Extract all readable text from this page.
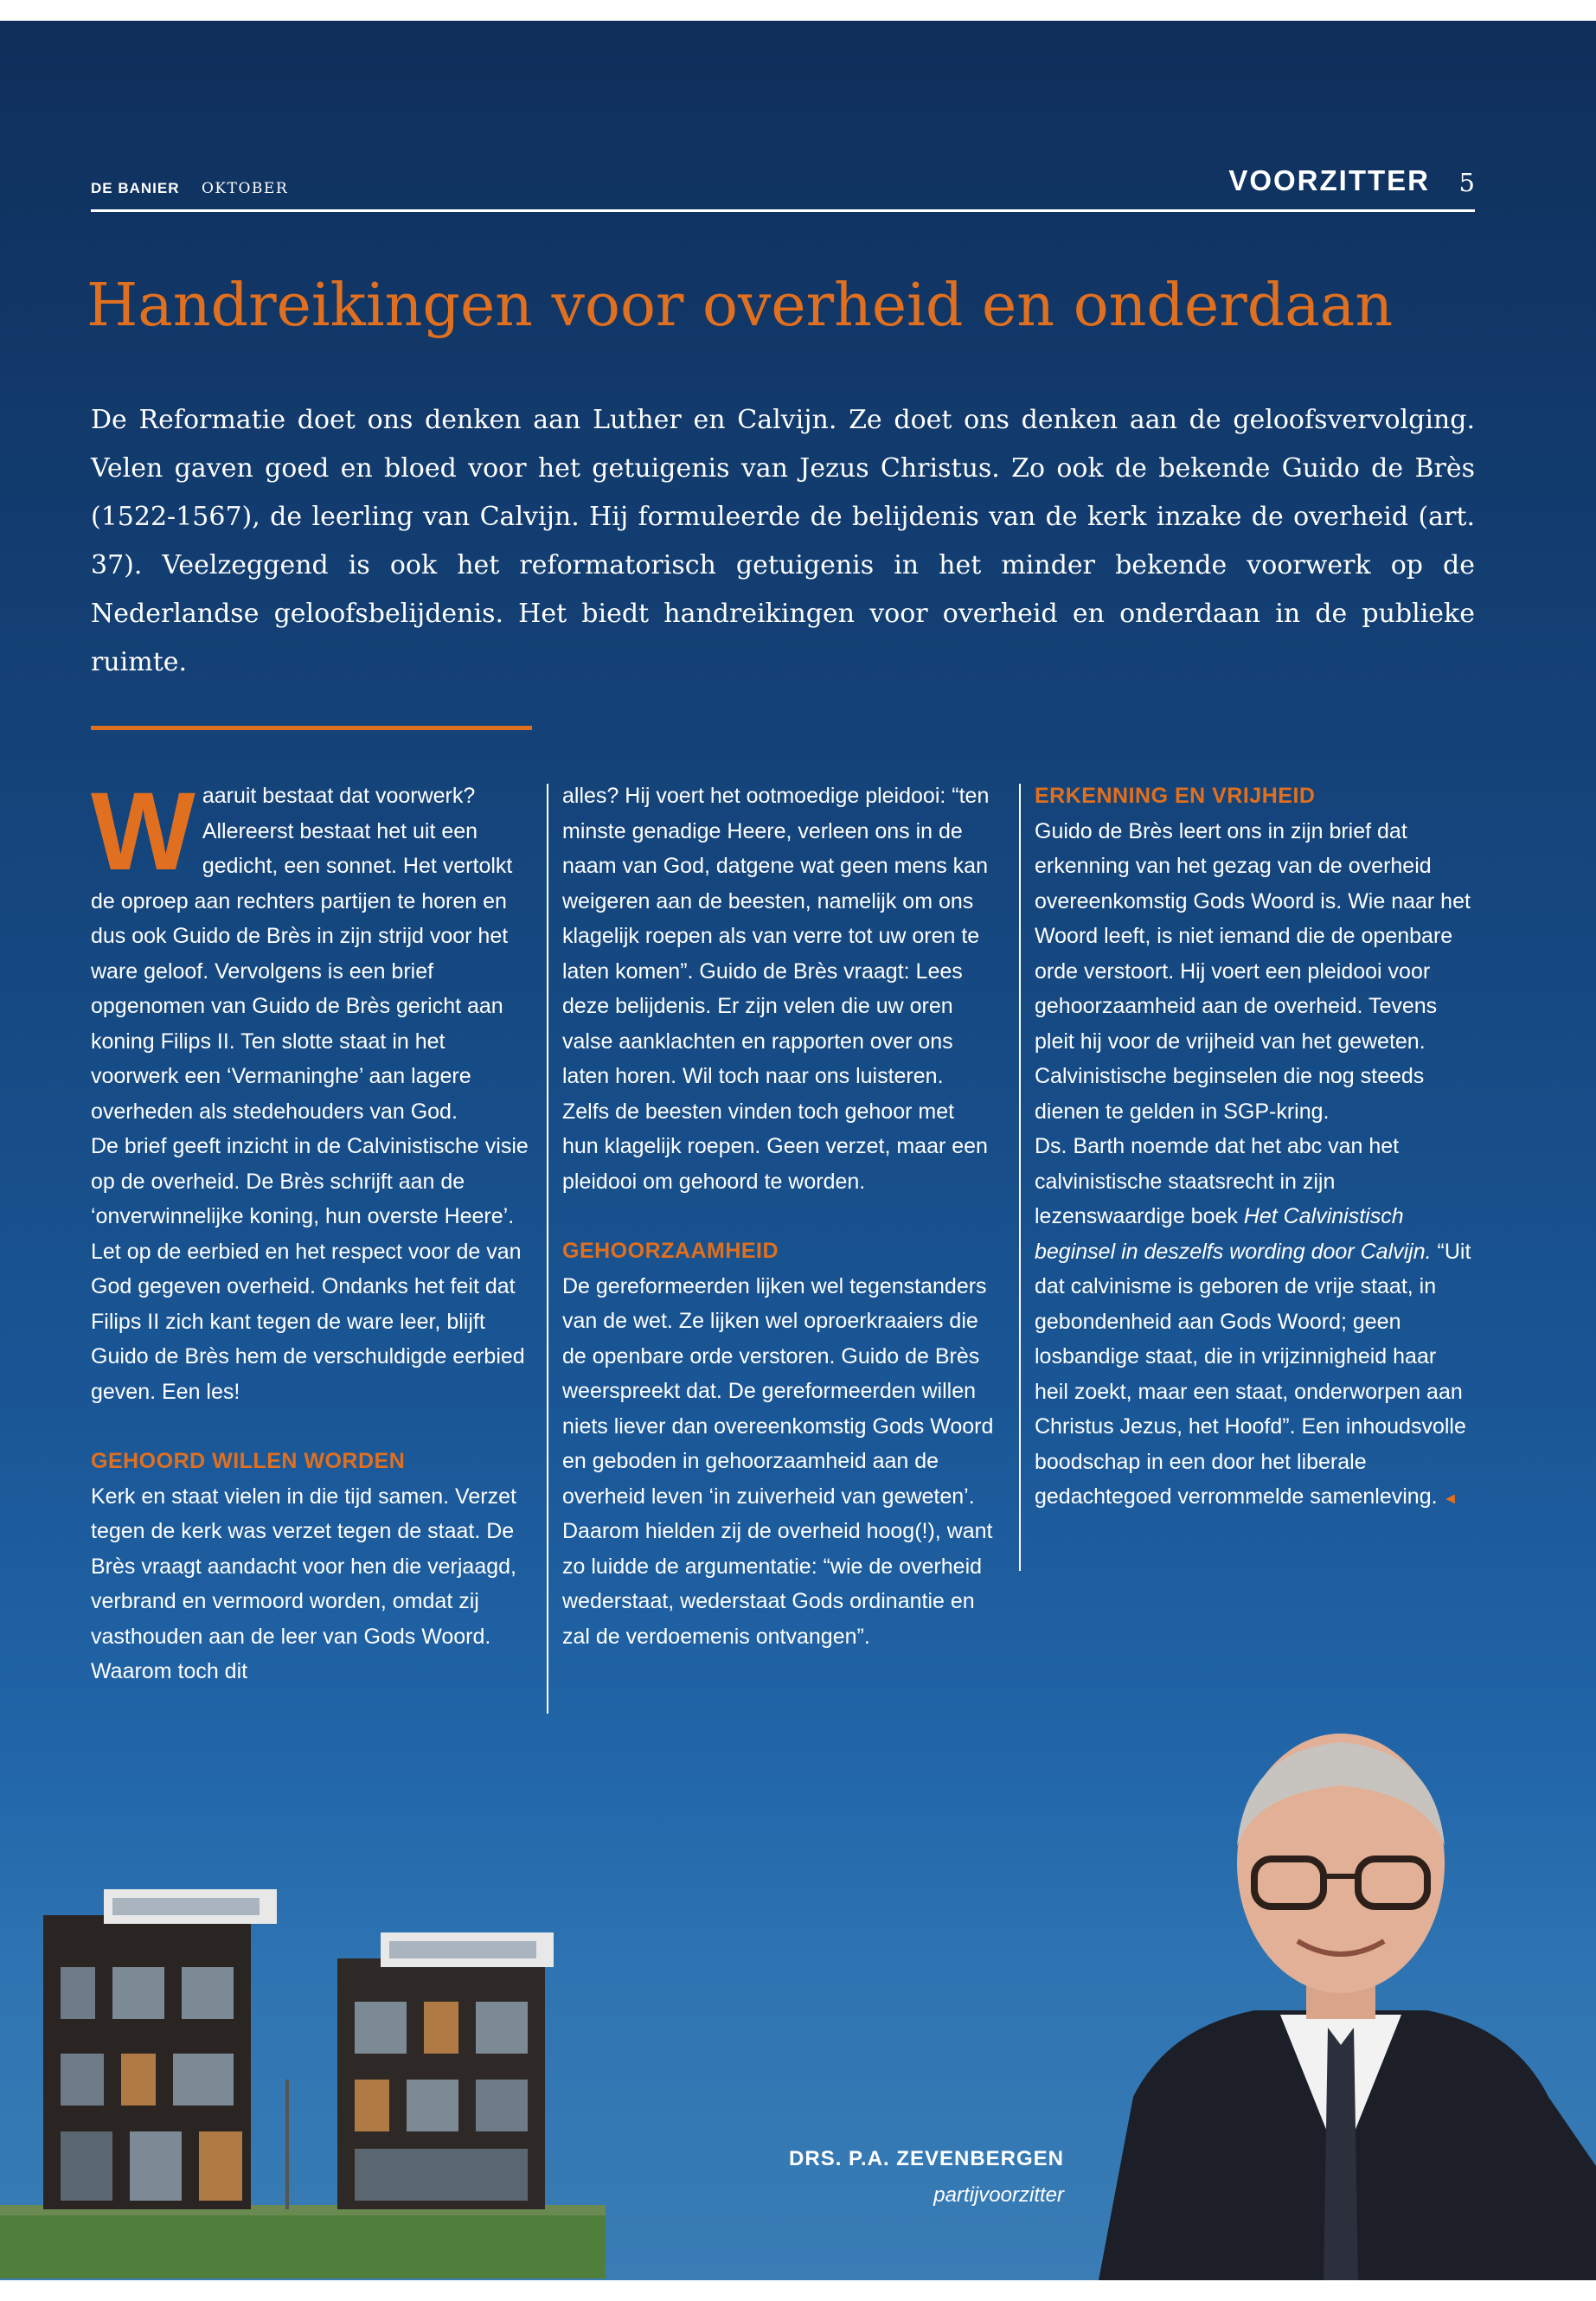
DE BANIER OKTOBER	VOORZITTER 5
Handreikingen voor overheid en onderdaan

De Reformatie doet ons denken aan Luther en Calvijn. Ze doet ons denken aan de geloofsvervolging. Velen gaven goed en bloed voor het getuigenis van Jezus Christus. Zo ook de bekende Guido de Brès (1522-1567), de leerling van Calvijn. Hij formuleerde de belijdenis van de kerk inzake de overheid (art. 37). Veelzeggend is ook het reformatorisch getuigenis in het minder bekende voorwerk op de Nederlandse geloofsbelijdenis. Het biedt handreikingen voor overheid en onderdaan in de publieke ruimte.

W aaruit bestaat dat voorwerk? Allereerst bestaat het uit een gedicht, een sonnet. Het vertolkt de oproep aan rechters partijen te horen en dus ook Guido de Brès in zijn strijd voor het ware geloof. Vervolgens is een brief opgenomen van Guido de Brès gericht aan koning Filips II. Ten slotte staat in het voorwerk een ‘Vermaninghe’ aan lagere overheden als stedehouders van God.

De brief geeft inzicht in de Calvinistische visie op de overheid. De Brès schrijft aan de ‘onverwinnelijke koning, hun overste Heere’. Let op de eerbied en het respect voor de van God gegeven overheid. Ondanks het feit dat Filips II zich kant tegen de ware leer, blijft Guido de Brès hem de verschuldigde eerbied geven. Een les!

GEHOORD WILLEN WORDEN

Kerk en staat vielen in die tijd samen. Verzet tegen de kerk was verzet tegen de staat. De Brès vraagt aandacht voor hen die verjaagd, verbrand en vermoord worden, omdat zij vasthouden aan de leer van Gods Woord. Waarom toch dit

alles? Hij voert het ootmoedige pleidooi: “ten minste genadige Heere, verleen ons in de naam van God, datgene wat geen mens kan weigeren aan de beesten, namelijk om ons klagelijk roepen als van verre tot uw oren te laten komen”. Guido de Brès vraagt: Lees deze belijdenis. Er zijn velen die uw oren valse aanklachten en rapporten over ons laten horen. Wil toch naar ons luisteren. Zelfs de beesten vinden toch gehoor met hun klagelijk roepen. Geen verzet, maar een pleidooi om gehoord te worden.

GEHOORZAAMHEID

De gereformeerden lijken wel tegenstanders van de wet. Ze lijken wel oproerkraaiers die de openbare orde verstoren. Guido de Brès weerspreekt dat. De gereformeerden willen niets liever dan overeenkomstig Gods Woord en geboden in gehoorzaamheid aan de overheid leven ‘in zuiverheid van geweten’. Daarom hielden zij de overheid hoog(!), want zo luidde de argumentatie: “wie de overheid wederstaat, wederstaat Gods ordinantie en zal de verdoemenis ontvangen”.

ERKENNING EN VRIJHEID

Guido de Brès leert ons in zijn brief dat erkenning van het gezag van de overheid overeenkomstig Gods Woord is. Wie naar het Woord leeft, is niet iemand die de openbare orde verstoort. Hij voert een pleidooi voor gehoorzaamheid aan de overheid. Tevens pleit hij voor de vrijheid van het geweten. Calvinistische beginselen die nog steeds dienen te gelden in SGP-kring.

Ds. Barth noemde dat het abc van het calvinistische staatsrecht in zijn lezenswaardige boek Het Calvinistisch beginsel in deszelfs wording door Calvijn. “Uit dat calvinisme is geboren de vrije staat, in gebondenheid aan Gods Woord; geen losbandige staat, die in vrijzinnigheid haar heil zoekt, maar een staat, onderworpen aan Christus Jezus, het Hoofd”. Een inhoudsvolle boodschap in een door het liberale gedachtegoed verrommelde samenleving. ◄

DRS. P.A. ZEVENBERGEN
partijvoorzitter
